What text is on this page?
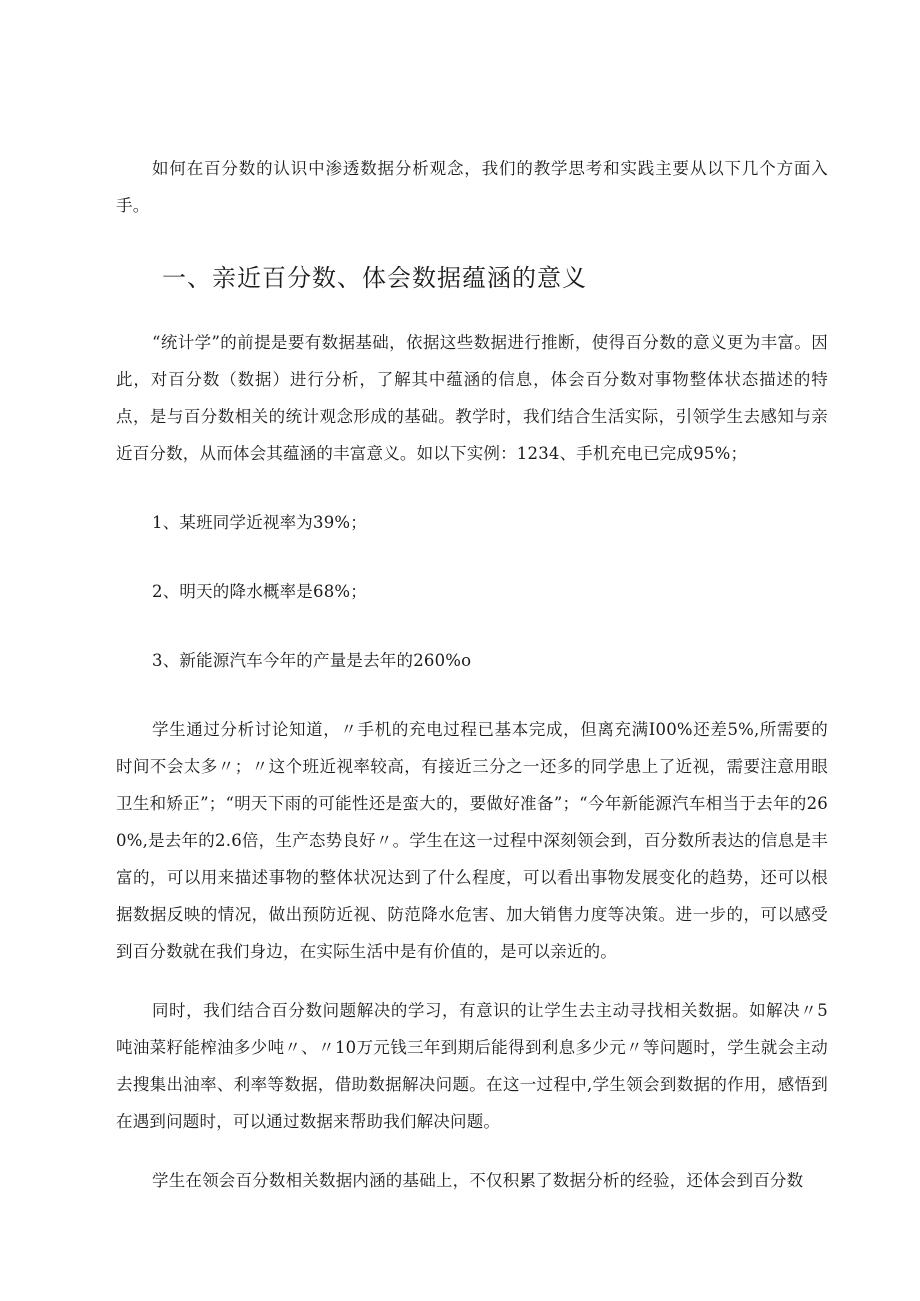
如何在百分数的认识中渗透数据分析观念，我们的教学思考和实践主要从以下几个方面入手。

一、亲近百分数、体会数据蕴涵的意义

“统计学”的前提是要有数据基础，依据这些数据进行推断，使得百分数的意义更为丰富。因此，对百分数（数据）进行分析，了解其中蕴涵的信息，体会百分数对事物整体状态描述的特点，是与百分数相关的统计观念形成的基础。教学时，我们结合生活实际，引领学生去感知与亲近百分数，从而体会其蕴涵的丰富意义。如以下实例：1234、手机充电已完成95%；

1、某班同学近视率为39%；

2、明天的降水概率是68%；

3、新能源汽车今年的产量是去年的260%o

学生通过分析讨论知道，〃手机的充电过程已基本完成，但离充满I00%还差5%,所需要的时间不会太多〃；〃这个班近视率较高，有接近三分之一还多的同学患上了近视，需要注意用眼卫生和矫正”；“明天下雨的可能性还是蛮大的，要做好准备”；“今年新能源汽车相当于去年的260%,是去年的2.6倍，生产态势良好〃。学生在这一过程中深刻领会到，百分数所表达的信息是丰富的，可以用来描述事物的整体状况达到了什么程度，可以看出事物发展变化的趋势，还可以根据数据反映的情况，做出预防近视、防范降水危害、加大销售力度等决策。进一步的，可以感受到百分数就在我们身边，在实际生活中是有价值的，是可以亲近的。

同时，我们结合百分数问题解决的学习，有意识的让学生去主动寻找相关数据。如解决〃5吨油菜籽能榨油多少吨〃、〃10万元钱三年到期后能得到利息多少元〃等问题时，学生就会主动去搜集出油率、利率等数据，借助数据解决问题。在这一过程中,学生领会到数据的作用，感悟到在遇到问题时，可以通过数据来帮助我们解决问题。

学生在领会百分数相关数据内涵的基础上，不仅积累了数据分析的经验，还体会到百分数
